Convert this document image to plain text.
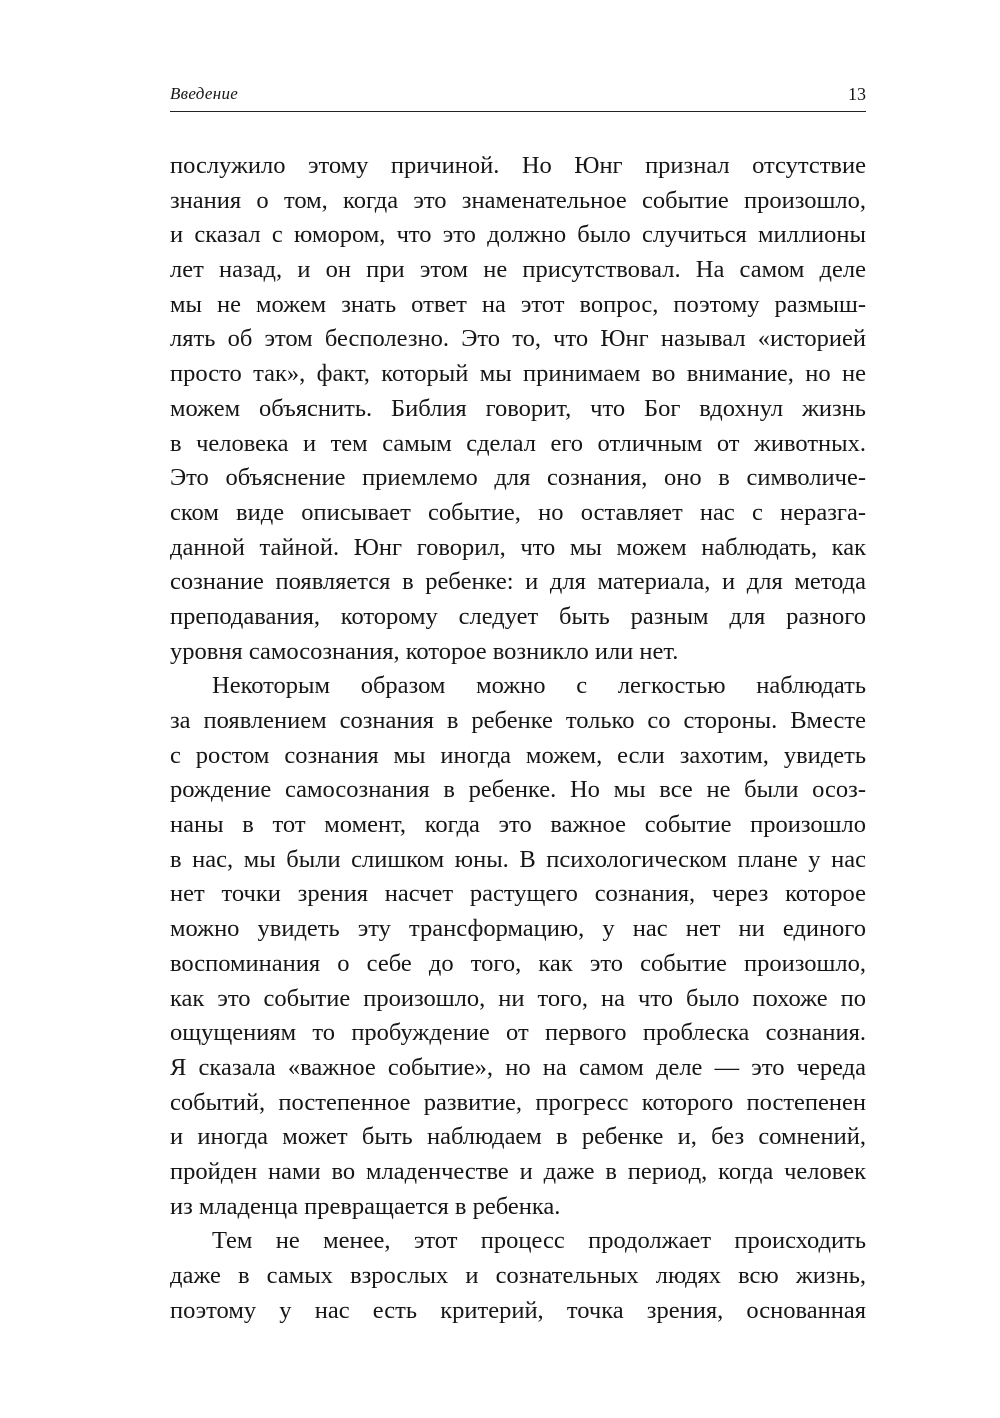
Введение	13
послужило этому причиной. Но Юнг признал отсутствие
знания о том, когда это знаменательное событие произошло,
и сказал с юмором, что это должно было случиться миллионы
лет назад, и он при этом не присутствовал. На самом деле
мы не можем знать ответ на этот вопрос, поэтому размыш-
лять об этом бесполезно. Это то, что Юнг называл «историей
просто так», факт, который мы принимаем во внимание, но не
можем объяснить. Библия говорит, что Бог вдохнул жизнь
в человека и тем самым сделал его отличным от животных.
Это объяснение приемлемо для сознания, оно в символиче-
ском виде описывает событие, но оставляет нас с неразга-
данной тайной. Юнг говорил, что мы можем наблюдать, как
сознание появляется в ребенке: и для материала, и для метода
преподавания, которому следует быть разным для разного
уровня самосознания, которое возникло или нет.
Некоторым образом можно с легкостью наблюдать
за появлением сознания в ребенке только со стороны. Вместе
с ростом сознания мы иногда можем, если захотим, увидеть
рождение самосознания в ребенке. Но мы все не были осоз-
наны в тот момент, когда это важное событие произошло
в нас, мы были слишком юны. В психологическом плане у нас
нет точки зрения насчет растущего сознания, через которое
можно увидеть эту трансформацию, у нас нет ни единого
воспоминания о себе до того, как это событие произошло,
как это событие произошло, ни того, на что было похоже по
ощущениям то пробуждение от первого проблеска сознания.
Я сказала «важное событие», но на самом деле — это череда
событий, постепенное развитие, прогресс которого постепенен
и иногда может быть наблюдаем в ребенке и, без сомнений,
пройден нами во младенчестве и даже в период, когда человек
из младенца превращается в ребенка.
Тем не менее, этот процесс продолжает происходить
даже в самых взрослых и сознательных людях всю жизнь,
поэтому у нас есть критерий, точка зрения, основанная
